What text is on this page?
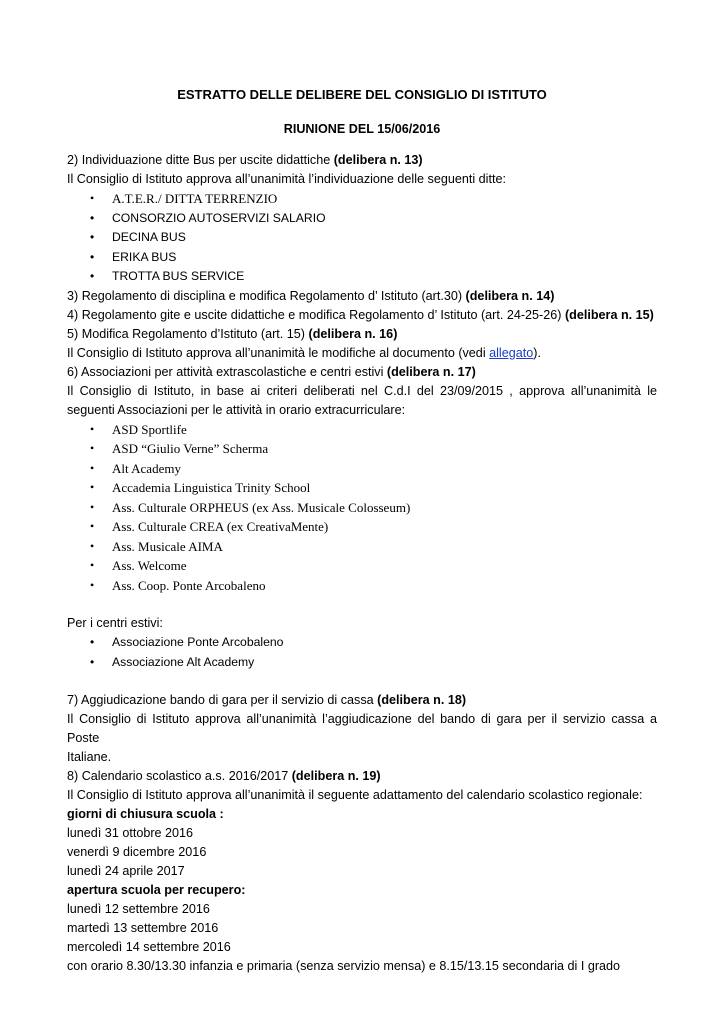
ESTRATTO DELLE DELIBERE DEL CONSIGLIO DI ISTITUTO
RIUNIONE DEL 15/06/2016
2) Individuazione ditte Bus per uscite didattiche (delibera n. 13)
Il Consiglio di Istituto approva all’unanimità l’individuazione delle seguenti ditte:
• A.T.E.R./ DITTA TERRENZIO
• CONSORZIO AUTOSERVIZI SALARIO
• DECINA BUS
• ERIKA BUS
• TROTTA BUS SERVICE
3) Regolamento di disciplina e modifica Regolamento d’ Istituto (art.30) (delibera n. 14)
4) Regolamento gite e uscite didattiche e modifica Regolamento d’ Istituto (art. 24-25-26) (delibera n. 15)
5) Modifica Regolamento d’Istituto (art. 15) (delibera n. 16)
Il Consiglio di Istituto approva all’unanimità le modifiche al documento (vedi allegato).
6) Associazioni per attività extrascolastiche e centri estivi (delibera n. 17)
Il Consiglio di Istituto, in base ai criteri deliberati nel C.d.I del 23/09/2015 , approva all’unanimità le
seguenti Associazioni per le attività in orario extracurriculare:
• ASD Sportlife
• ASD “Giulio Verne” Scherma
• Alt Academy
• Accademia Linguistica Trinity School
• Ass. Culturale ORPHEUS (ex Ass. Musicale Colosseum)
• Ass. Culturale CREA (ex CreativaMente)
• Ass. Musicale AIMA
• Ass. Welcome
• Ass. Coop. Ponte Arcobaleno
Per i centri estivi:
• Associazione Ponte Arcobaleno
• Associazione Alt Academy
7) Aggiudicazione bando di gara per il servizio di cassa (delibera n. 18)
Il Consiglio di Istituto approva all’unanimità l’aggiudicazione del bando di gara per il servizio cassa a Poste
Italiane.
8) Calendario scolastico a.s. 2016/2017 (delibera n. 19)
Il Consiglio di Istituto approva all’unanimità il seguente adattamento del calendario scolastico regionale:
giorni di chiusura scuola :
lunedì 31 ottobre 2016
venerdì 9 dicembre 2016
lunedì 24 aprile 2017
apertura scuola per recupero:
lunedì 12 settembre 2016
martedì 13 settembre 2016
mercoledì 14 settembre 2016
con orario 8.30/13.30 infanzia e primaria (senza servizio mensa) e 8.15/13.15 secondaria di I grado
